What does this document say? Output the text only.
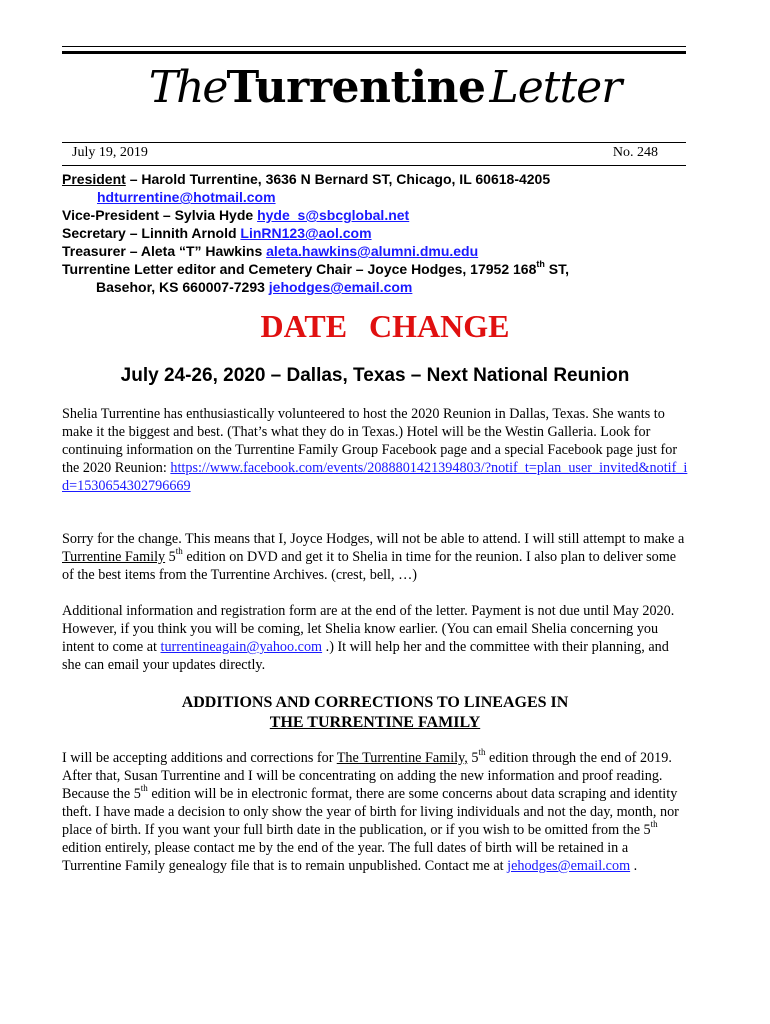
TheTurrentine Letter
July 19, 2019	No. 248
President – Harold Turrentine, 3636 N Bernard ST, Chicago, IL 60618-4205
hdturrentine@hotmail.com
Vice-President – Sylvia Hyde hyde_s@sbcglobal.net
Secretary – Linnith Arnold LinRN123@aol.com
Treasurer – Aleta “T” Hawkins aleta.hawkins@alumni.dmu.edu
Turrentine Letter editor and Cemetery Chair – Joyce Hodges, 17952 168th ST,
Basehor, KS 660007-7293 jehodges@email.com
DATE CHANGE
July 24-26, 2020 – Dallas, Texas – Next National Reunion
Shelia Turrentine has enthusiastically volunteered to host the 2020 Reunion in Dallas, Texas. She wants to make it the biggest and best. (That’s what they do in Texas.) Hotel will be the Westin Galleria. Look for continuing information on the Turrentine Family Group Facebook page and a special Facebook page just for the 2020 Reunion: https://www.facebook.com/events/2088801421394803/?notif_t=plan_user_invited&notif_id=1530654302796669
Sorry for the change. This means that I, Joyce Hodges, will not be able to attend. I will still attempt to make a Turrentine Family 5th edition on DVD and get it to Shelia in time for the reunion. I also plan to deliver some of the best items from the Turrentine Archives. (crest, bell, …)
Additional information and registration form are at the end of the letter. Payment is not due until May 2020. However, if you think you will be coming, let Shelia know earlier. (You can email Shelia concerning you intent to come at turrentineagain@yahoo.com .) It will help her and the committee with their planning, and she can email your updates directly.
ADDITIONS AND CORRECTIONS TO LINEAGES IN
THE TURRENTINE FAMILY
I will be accepting additions and corrections for The Turrentine Family, 5th edition through the end of 2019. After that, Susan Turrentine and I will be concentrating on adding the new information and proof reading. Because the 5th edition will be in electronic format, there are some concerns about data scraping and identity theft. I have made a decision to only show the year of birth for living individuals and not the day, month, nor place of birth. If you want your full birth date in the publication, or if you wish to be omitted from the 5th edition entirely, please contact me by the end of the year. The full dates of birth will be retained in a Turrentine Family genealogy file that is to remain unpublished. Contact me at jehodges@email.com .
